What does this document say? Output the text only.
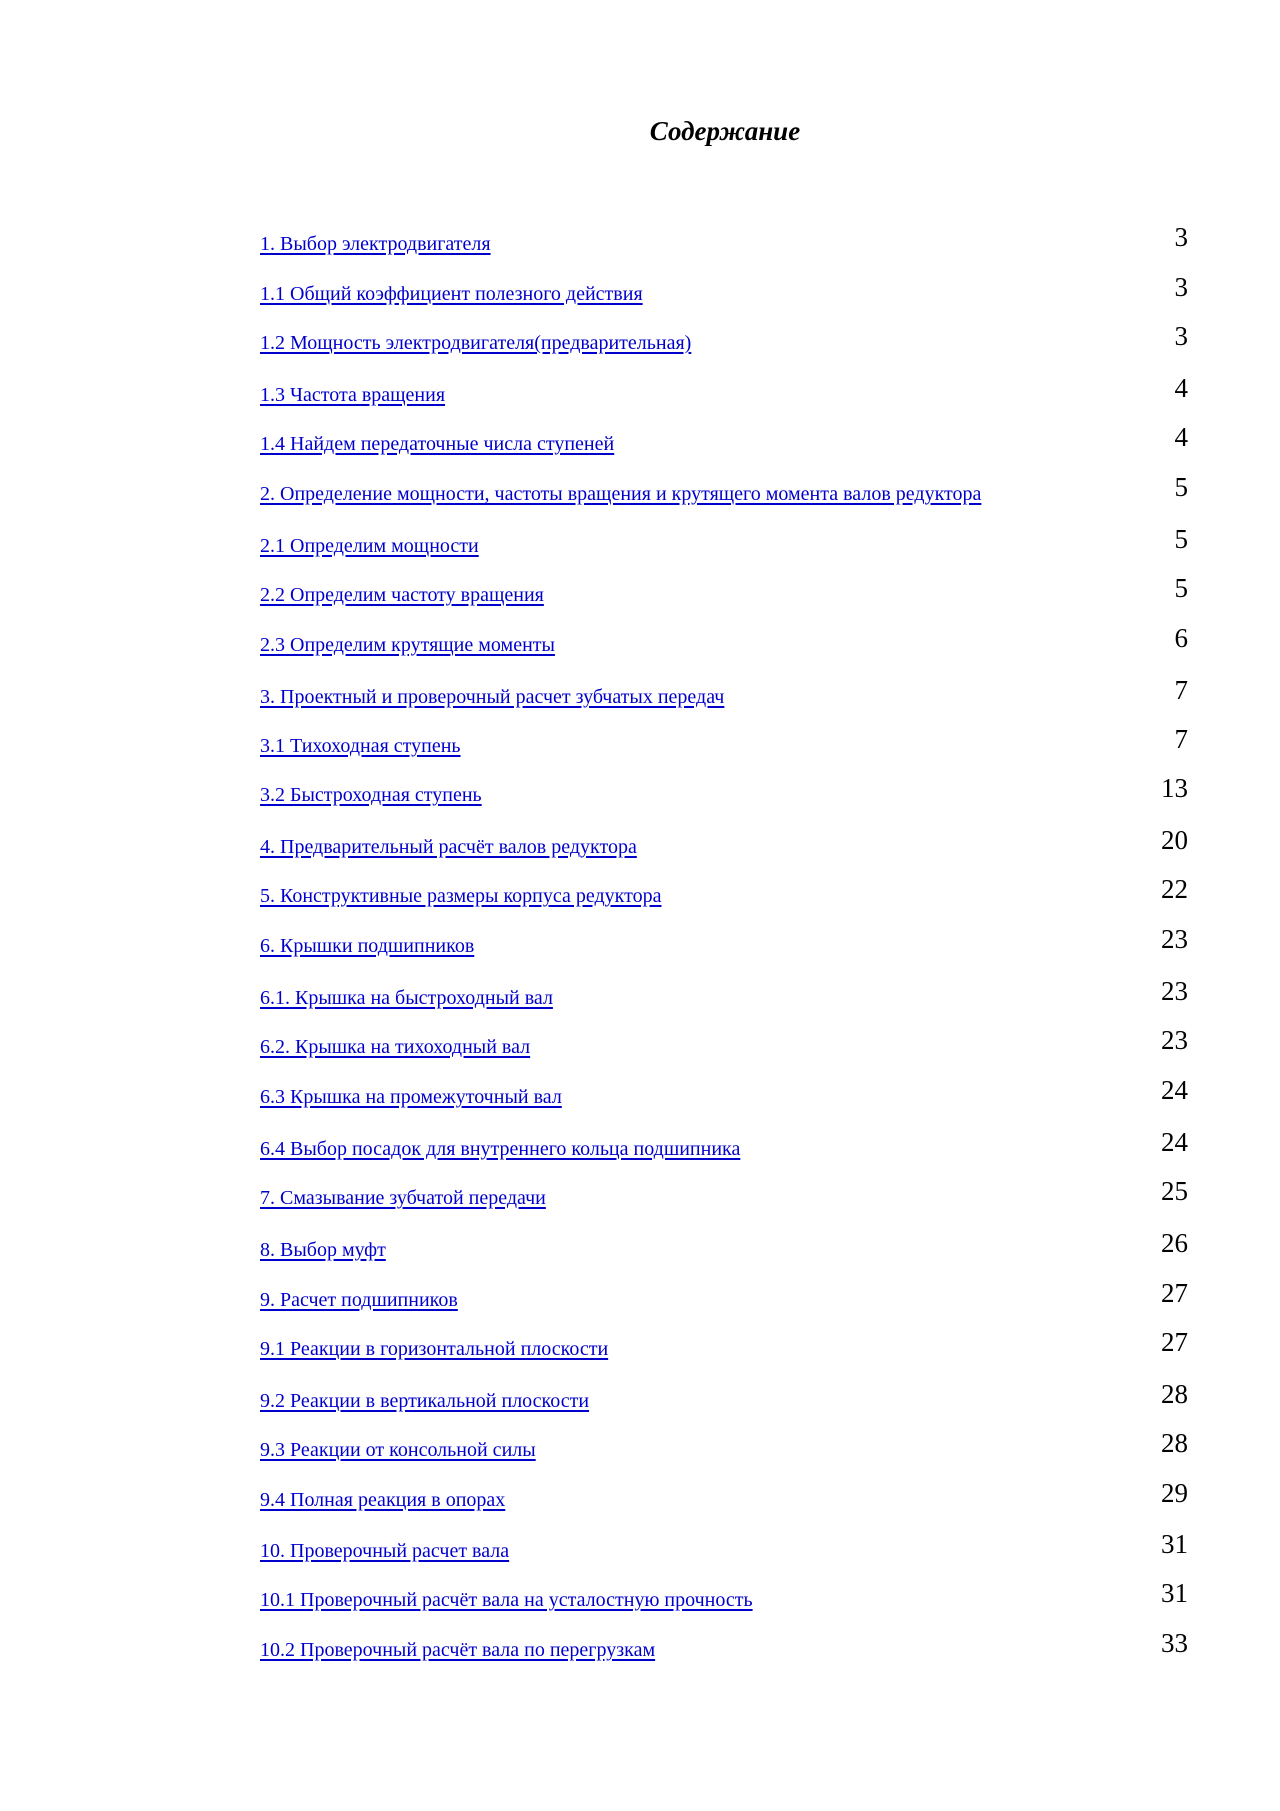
Содержание
1. Выбор электродвигателя	3
1.1 Общий коэффициент полезного действия	3
1.2 Мощность электродвигателя(предварительная)	3
1.3 Частота вращения	4
1.4 Найдем передаточные числа ступеней	4
2. Определение мощности, частоты вращения и крутящего момента валов редуктора	5
2.1 Определим мощности	5
2.2 Определим частоту вращения	5
2.3 Определим крутящие моменты	6
3. Проектный и проверочный расчет зубчатых передач	7
3.1 Тихоходная ступень	7
3.2 Быстроходная ступень	13
4. Предварительный расчёт валов редуктора	20
5. Конструктивные размеры корпуса редуктора	22
6. Крышки подшипников	23
6.1. Крышка на быстроходный вал	23
6.2. Крышка на тихоходный вал	23
6.3 Крышка на промежуточный вал	24
6.4 Выбор посадок для внутреннего кольца подшипника	24
7. Смазывание зубчатой передачи	25
8. Выбор муфт	26
9. Расчет подшипников	27
9.1 Реакции в горизонтальной плоскости	27
9.2 Реакции в вертикальной плоскости	28
9.3 Реакции от консольной силы	28
9.4 Полная реакция в опорах	29
10. Проверочный расчет вала	31
10.1 Проверочный расчёт вала на усталостную прочность	31
10.2 Проверочный расчёт вала по перегрузкам	33
